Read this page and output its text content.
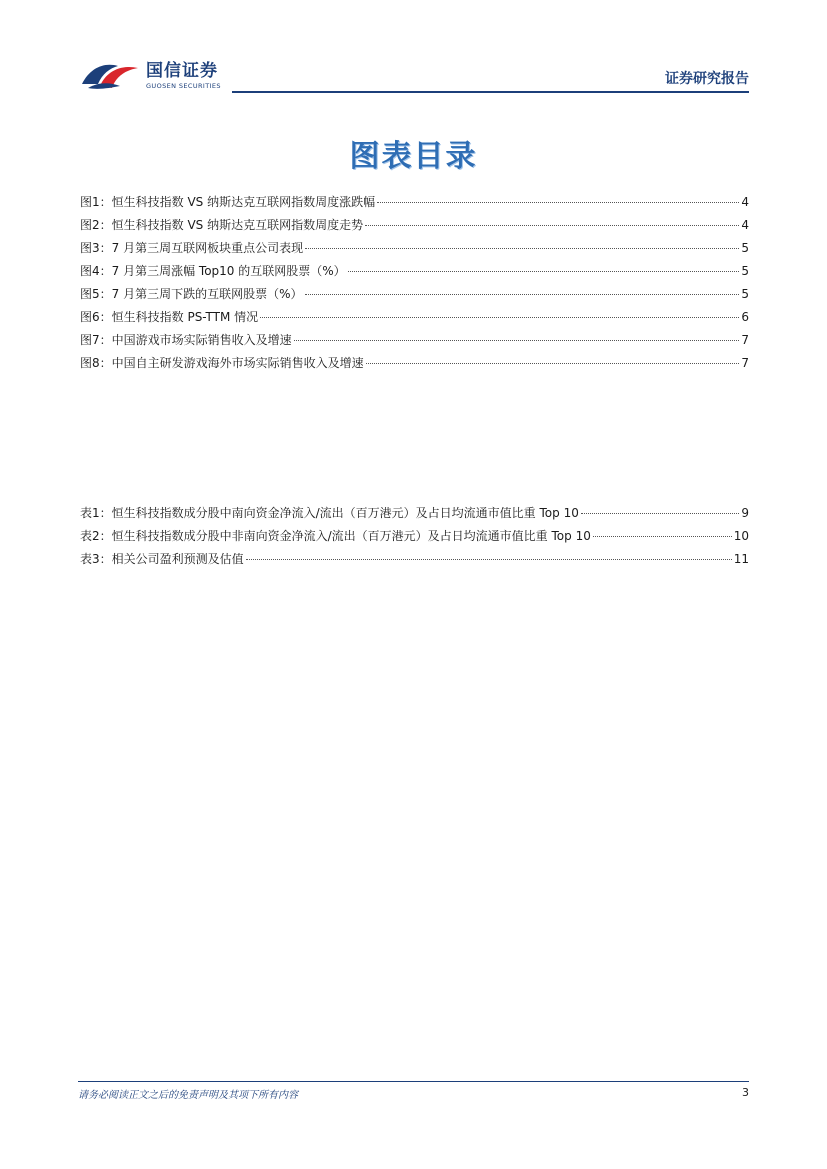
国信证券
GUOSEN SECURITIES	证券研究报告
图表目录
图1： 恒生科技指数 VS 纳斯达克互联网指数周度涨跌幅	4
图2： 恒生科技指数 VS 纳斯达克互联网指数周度走势	4
图3： 7 月第三周互联网板块重点公司表现	5
图4： 7 月第三周涨幅 Top10 的互联网股票（%）	5
图5： 7 月第三周下跌的互联网股票（%）	5
图6： 恒生科技指数 PS-TTM 情况	6
图7： 中国游戏市场实际销售收入及增速	7
图8： 中国自主研发游戏海外市场实际销售收入及增速	7
表1： 恒生科技指数成分股中南向资金净流入/流出（百万港元）及占日均流通市值比重 Top 10	9
表2： 恒生科技指数成分股中非南向资金净流入/流出（百万港元）及占日均流通市值比重 Top 10	10
表3： 相关公司盈利预测及估值	11
请务必阅读正文之后的免责声明及其项下所有内容	3
